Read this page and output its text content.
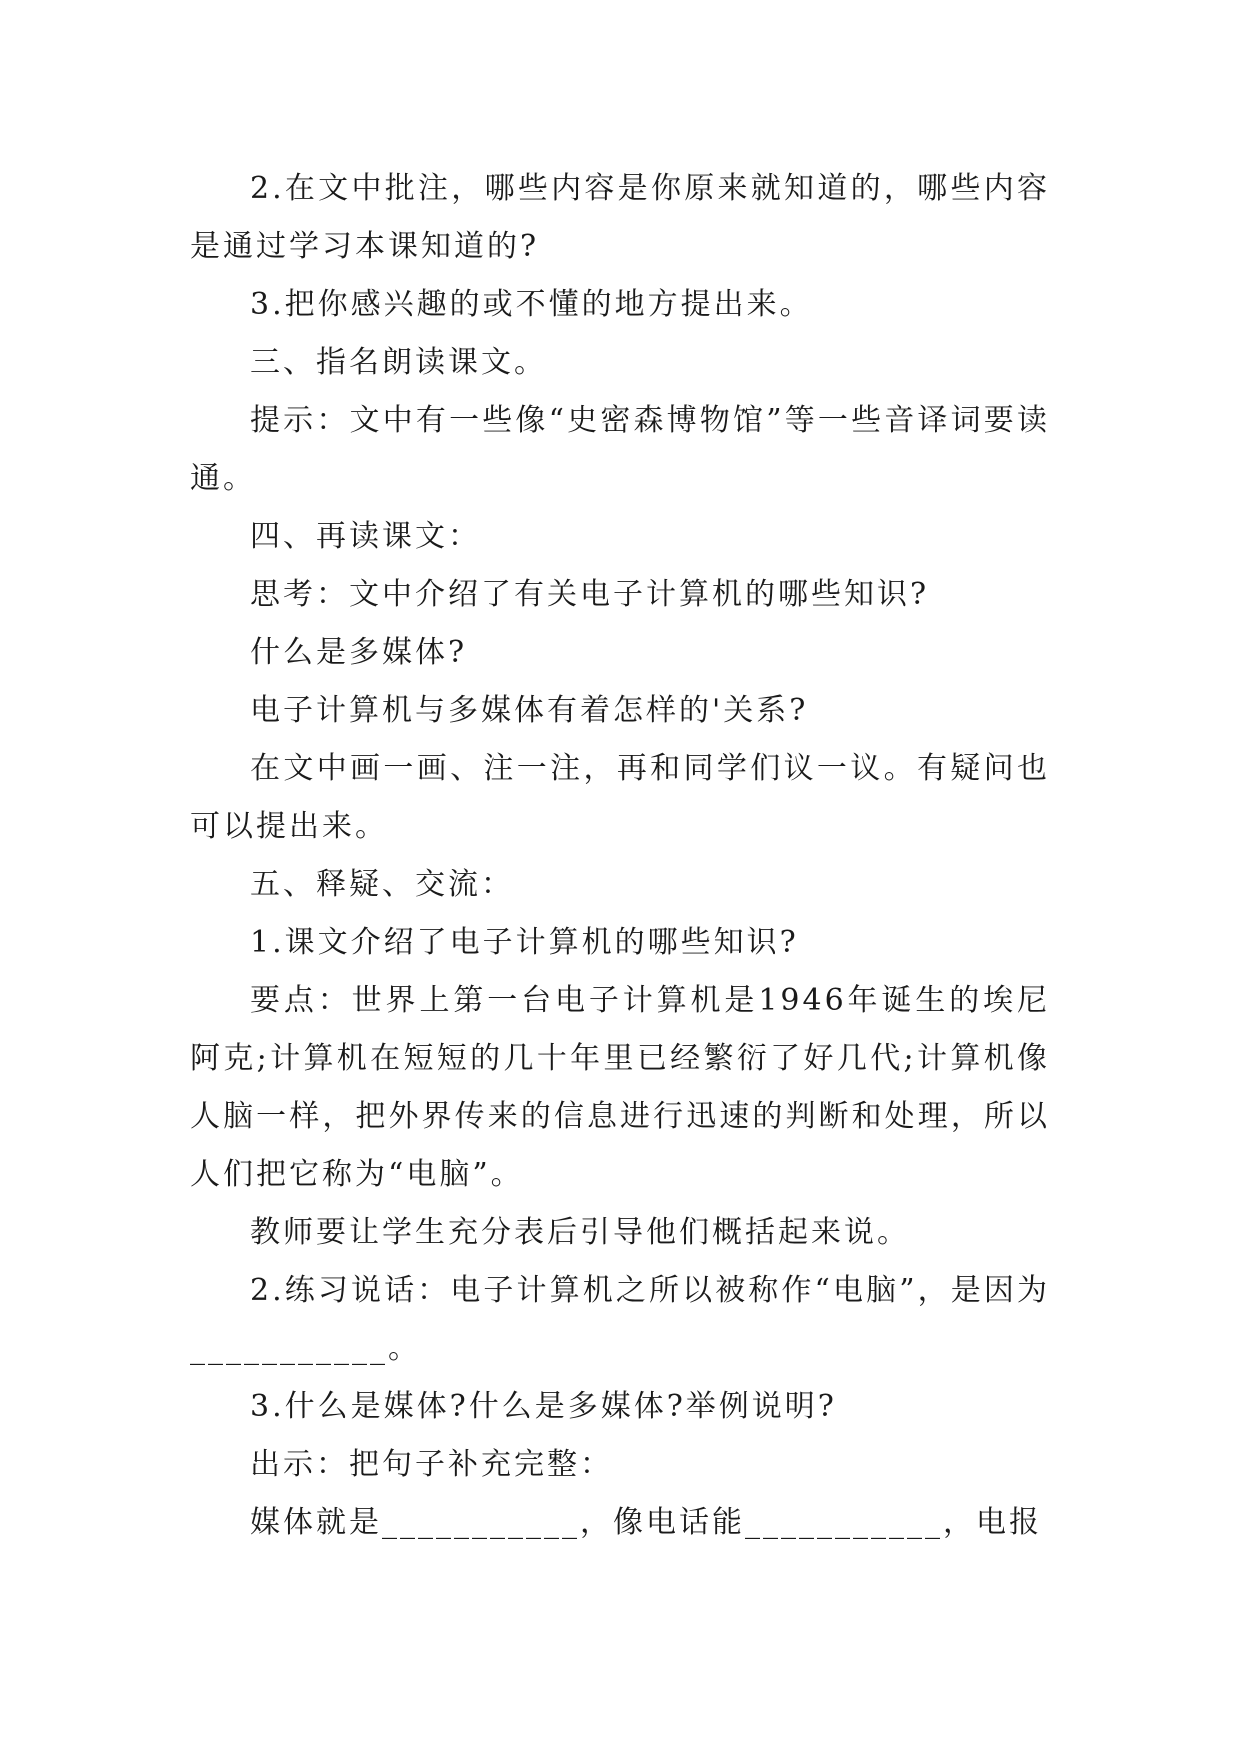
2.在文中批注，哪些内容是你原来就知道的，哪些内容是通过学习本课知道的?

3.把你感兴趣的或不懂的地方提出来。

三、指名朗读课文。

提示：文中有一些像“史密森博物馆”等一些音译词要读通。

四、再读课文：

思考：文中介绍了有关电子计算机的哪些知识?

什么是多媒体?

电子计算机与多媒体有着怎样的'关系?

在文中画一画、注一注，再和同学们议一议。有疑问也可以提出来。

五、释疑、交流：

1.课文介绍了电子计算机的哪些知识?

要点：世界上第一台电子计算机是1946年诞生的埃尼阿克;计算机在短短的几十年里已经繁衍了好几代;计算机像人脑一样，把外界传来的信息进行迅速的判断和处理，所以人们把它称为“电脑”。

教师要让学生充分表后引导他们概括起来说。

2.练习说话：电子计算机之所以被称作“电脑”，是因为___________。

3.什么是媒体?什么是多媒体?举例说明?

出示：把句子补充完整：

媒体就是___________，像电话能___________，电报
